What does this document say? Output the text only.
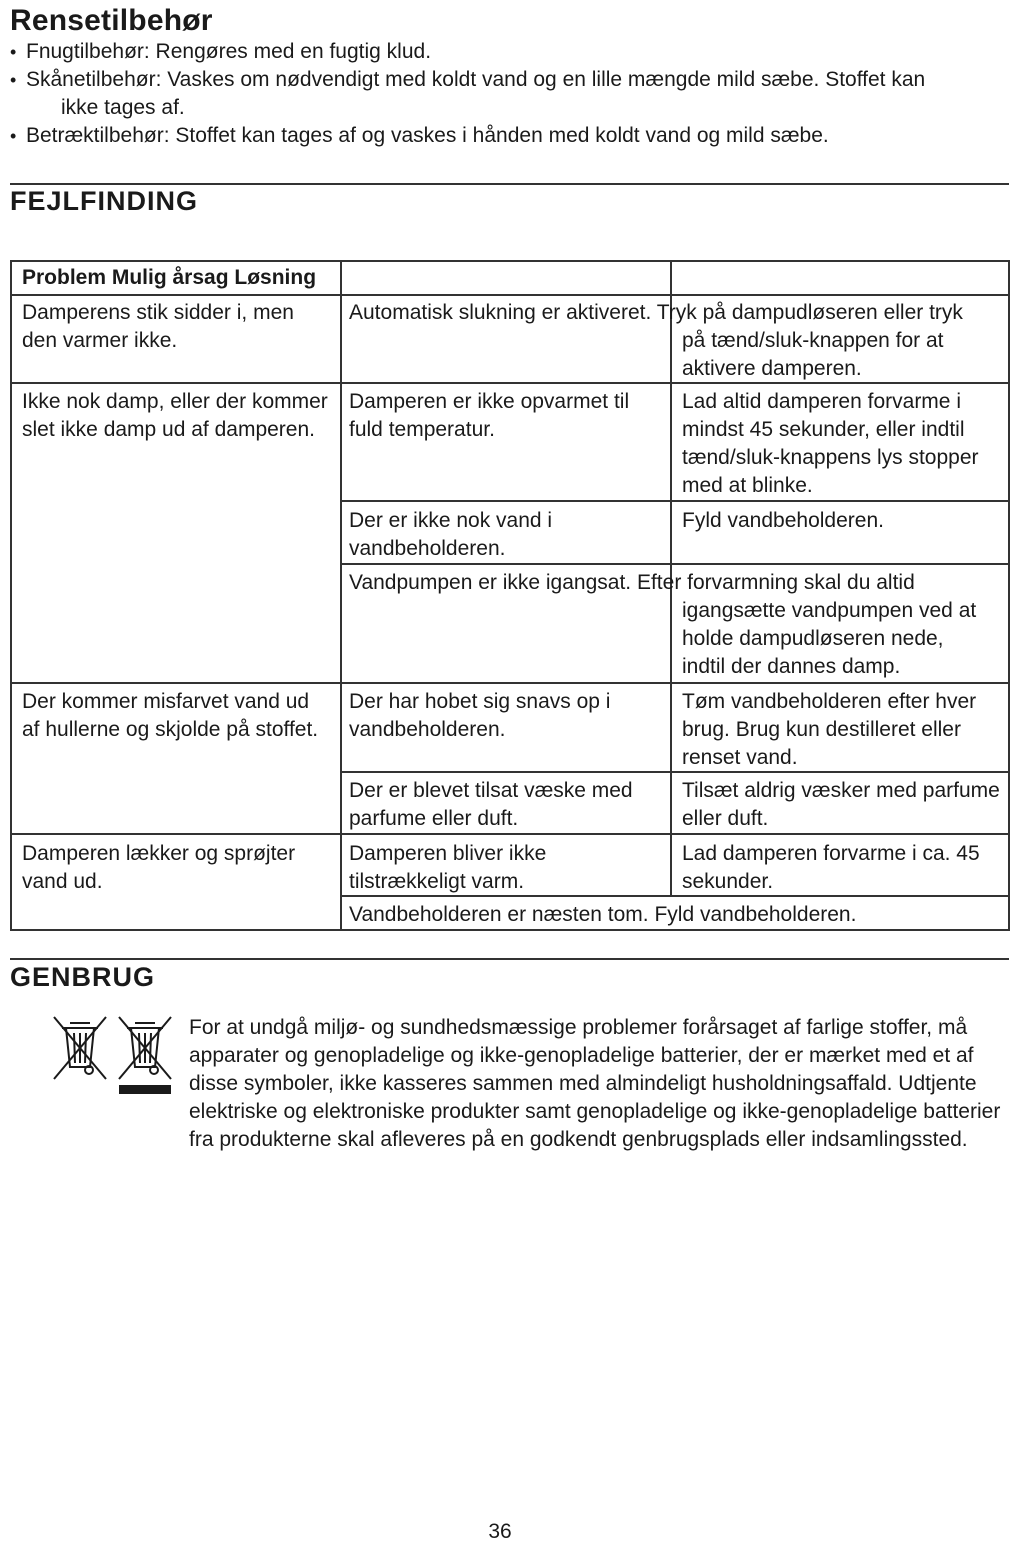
Rensetilbehør
• Fnugtilbehør: Rengøres med en fugtig klud.
• Skånetilbehør: Vaskes om nødvendigt med koldt vand og en lille mængde mild sæbe. Stoffet kan
ikke tages af.
• Betræktilbehør: Stoffet kan tages af og vaskes i hånden med koldt vand og mild sæbe.
FEJLFINDING
Problem Mulig årsag Løsning
Damperens stik sidder i, men
den varmer ikke.
Ikke nok damp, eller der kommer
slet ikke damp ud af damperen.
Der kommer misfarvet vand ud
af hullerne og skjolde på stoffet.
Damperen lækker og sprøjter
vand ud.
Automatisk slukning er aktiveret. Tryk på dampudløseren eller tryk
Damperen er ikke opvarmet til
fuld temperatur.
Der er ikke nok vand i
vandbeholderen.
Vandpumpen er ikke igangsat. Efter forvarmning skal du altid
Der har hobet sig snavs op i
vandbeholderen.
Der er blevet tilsat væske med
parfume eller duft.
Damperen bliver ikke
tilstrækkeligt varm.
Vandbeholderen er næsten tom. Fyld vandbeholderen.
på tænd/sluk-knappen for at
aktivere damperen.
Lad altid damperen forvarme i
mindst 45 sekunder, eller indtil
tænd/sluk-knappens lys stopper
med at blinke.
Fyld vandbeholderen.
igangsætte vandpumpen ved at
holde dampudløseren nede,
indtil der dannes damp.
Tøm vandbeholderen efter hver
brug. Brug kun destilleret eller
renset vand.
Tilsæt aldrig væsker med parfume
eller duft.
Lad damperen forvarme i ca. 45
sekunder.
GENBRUG

For at undgå miljø- og sundhedsmæssige problemer forårsaget af farlige stoffer, må apparater og genopladelige og ikke-genopladelige batterier, der er mærket med et af disse symboler, ikke kasseres sammen med almindeligt husholdningsaffald. Udtjente elektriske og elektroniske produkter samt genopladelige og ikke-genopladelige batterier fra produkterne skal afleveres på en godkendt genbrugsplads eller indsamlingssted.

36
